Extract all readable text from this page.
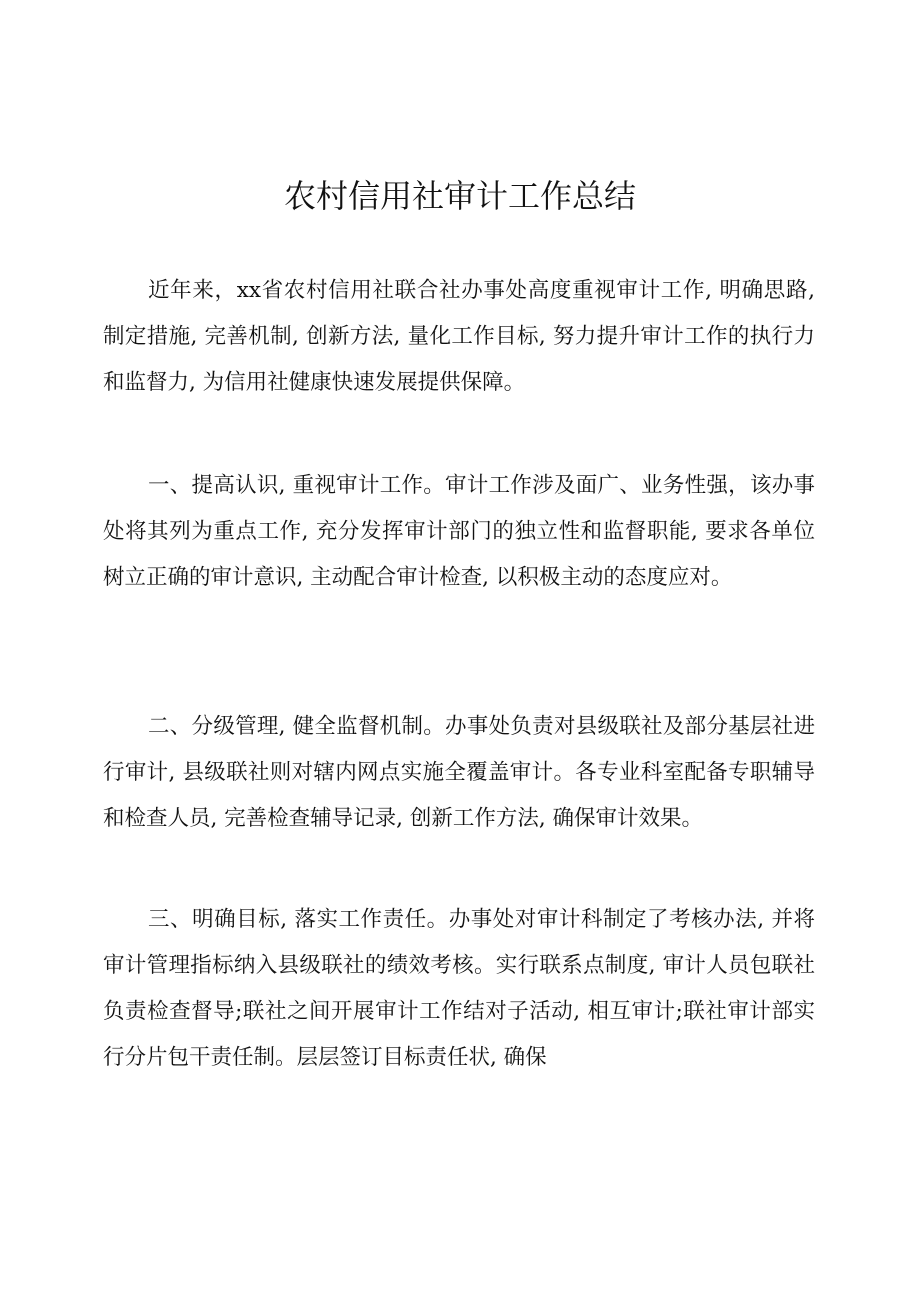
农村信用社审计工作总结

近年来，xx省农村信用社联合社办事处高度重视审计工作, 明确思路, 制定措施, 完善机制, 创新方法, 量化工作目标, 努力提升审计工作的执行力和监督力, 为信用社健康快速发展提供保障。

一、提高认识, 重视审计工作。审计工作涉及面广、业务性强，该办事处将其列为重点工作, 充分发挥审计部门的独立性和监督职能, 要求各单位树立正确的审计意识, 主动配合审计检查, 以积极主动的态度应对。

二、分级管理, 健全监督机制。办事处负责对县级联社及部分基层社进行审计, 县级联社则对辖内网点实施全覆盖审计。各专业科室配备专职辅导和检查人员, 完善检查辅导记录, 创新工作方法, 确保审计效果。

三、明确目标, 落实工作责任。办事处对审计科制定了考核办法, 并将审计管理指标纳入县级联社的绩效考核。实行联系点制度, 审计人员包联社负责检查督导;联社之间开展审计工作结对子活动, 相互审计;联社审计部实行分片包干责任制。层层签订目标责任状, 确保
